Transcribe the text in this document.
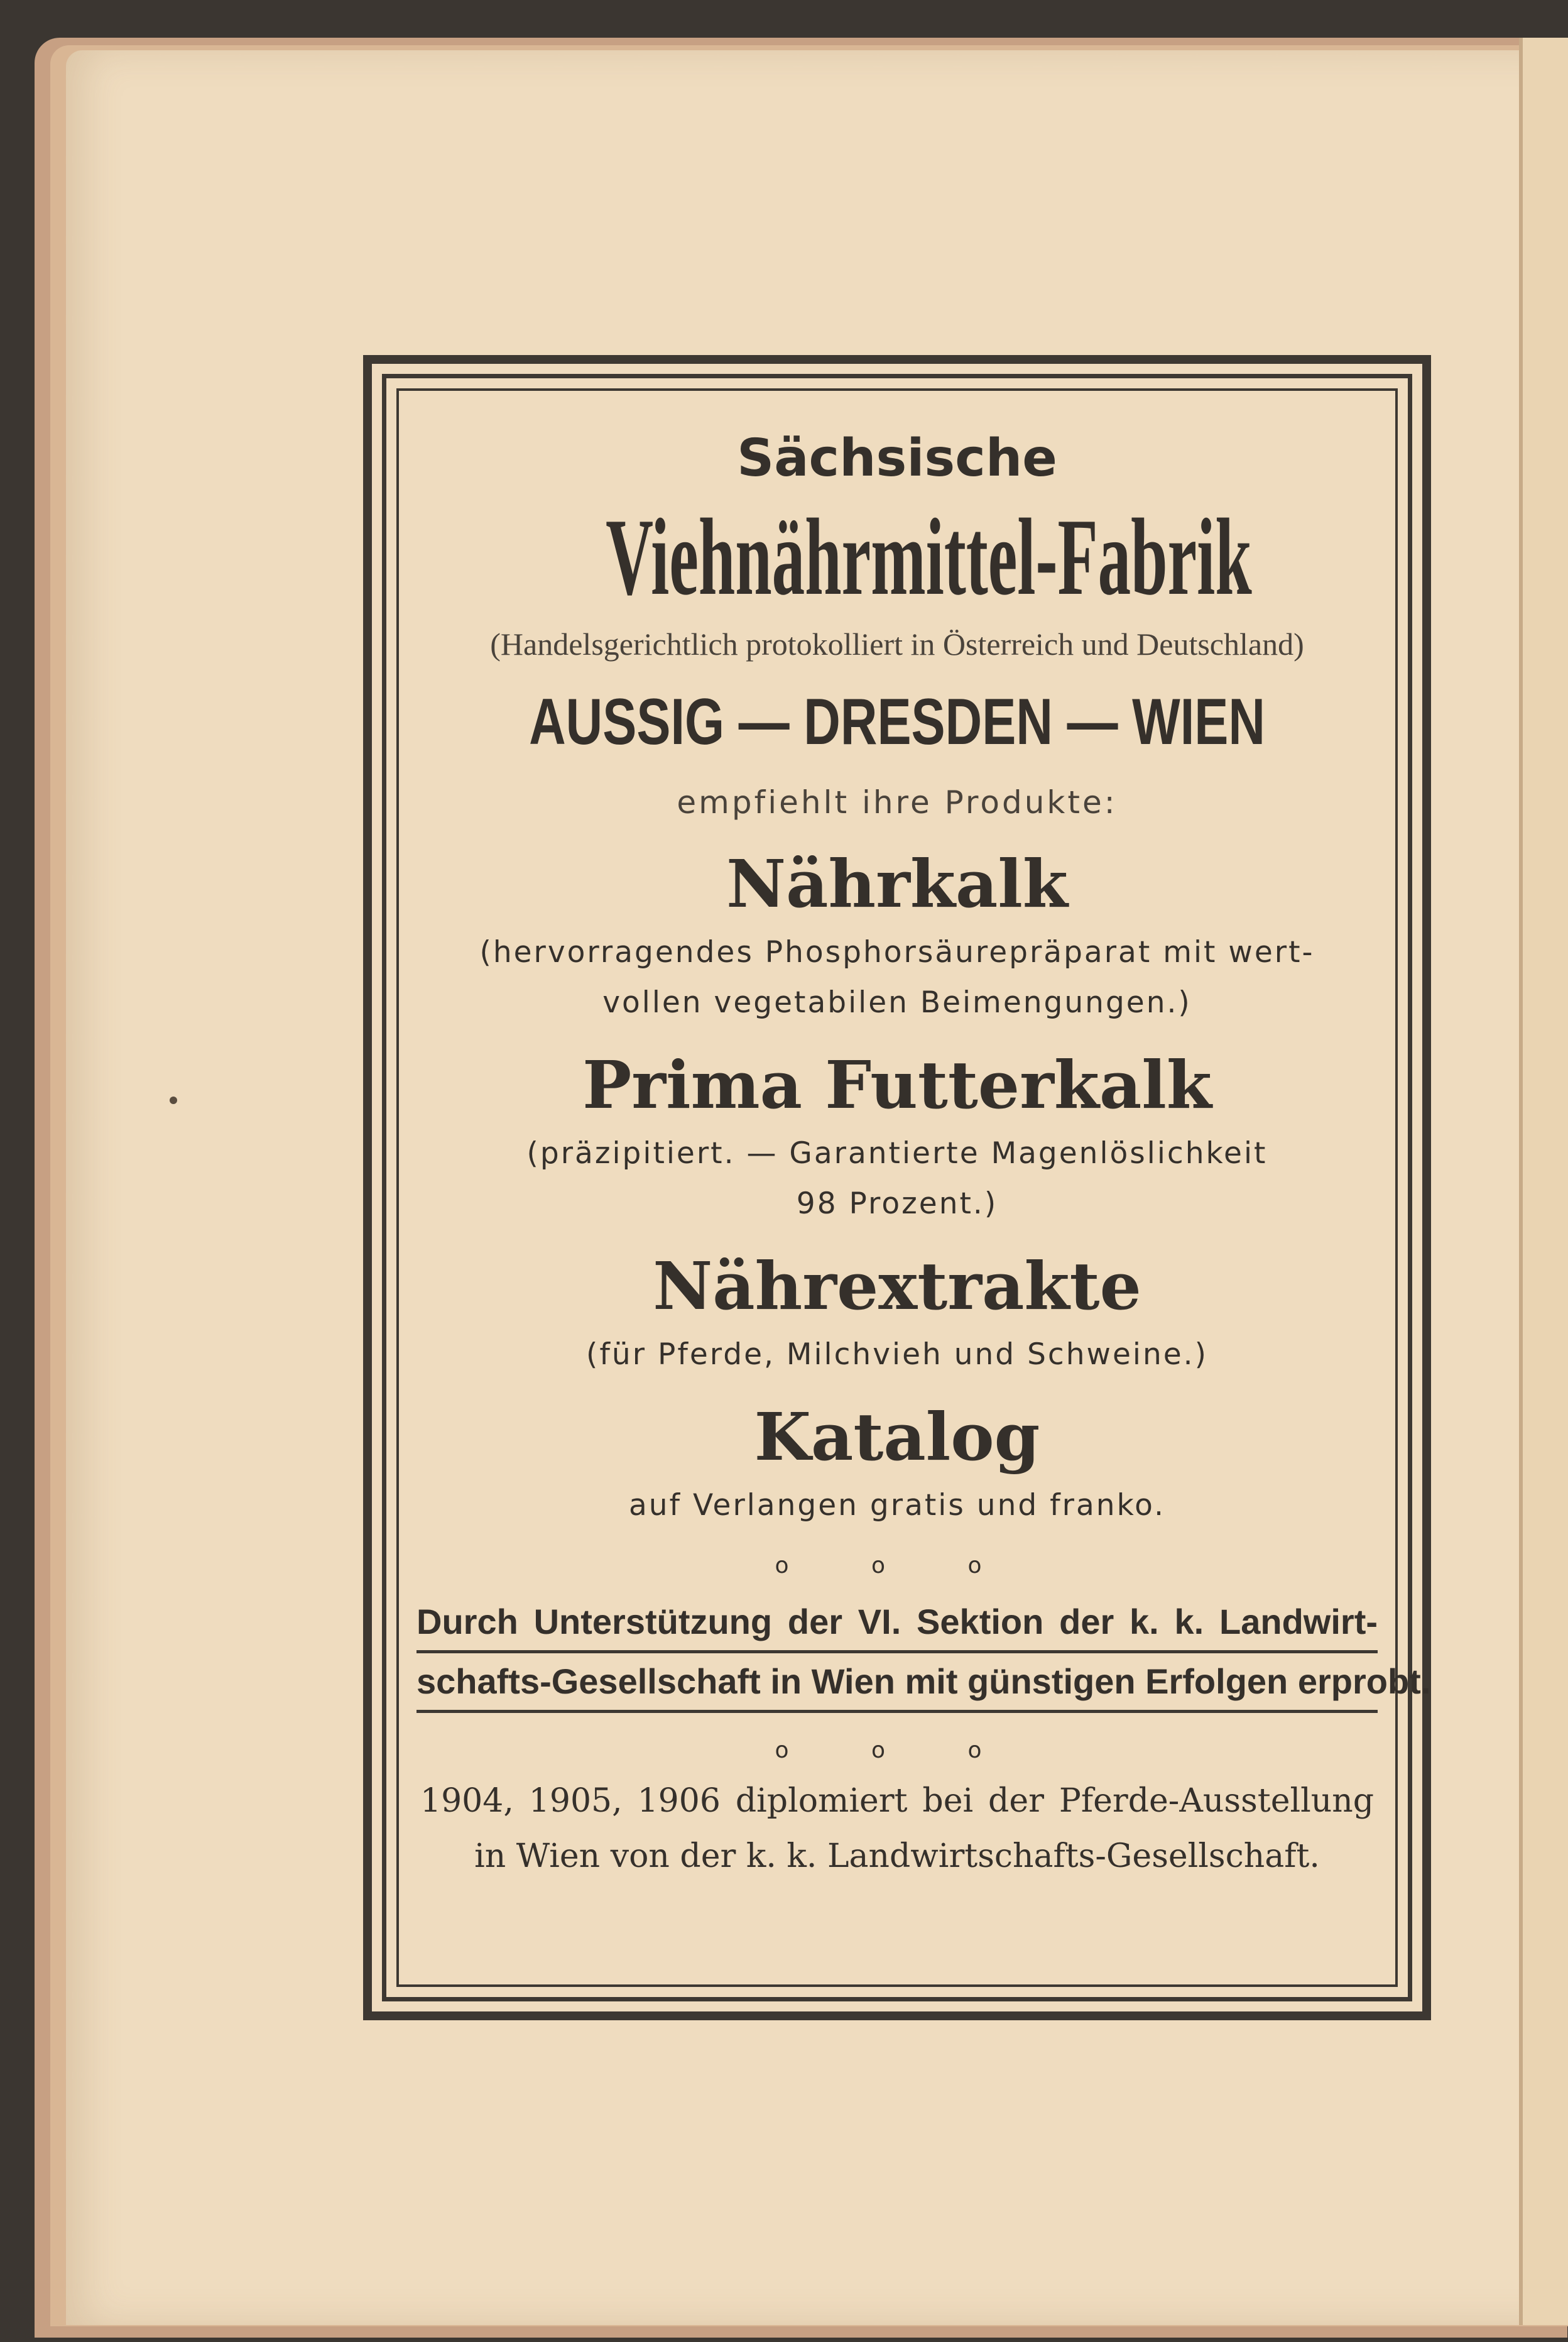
Sächsische
Viehnährmittel-Fabrik
(Handelsgerichtlich protokolliert in Österreich und Deutschland)
AUSSIG — DRESDEN — WIEN
empfiehlt ihre Produkte:
Nährkalk
(hervorragendes Phosphorsäurepräparat mit wert-
vollen vegetabilen Beimengungen.)
Prima Futterkalk
(präzipitiert. — Garantierte Magenlöslichkeit
98 Prozent.)
Nährextrakte
(für Pferde, Milchvieh und Schweine.)
Katalog
auf Verlangen gratis und franko.
o o o
Durch Unterstützung der VI. Sektion der k. k. Landwirt-
schafts-Gesellschaft in Wien mit günstigen Erfolgen erprobt.
o o o
1904, 1905, 1906 diplomiert bei der Pferde-Ausstellung
in Wien von der k. k. Landwirtschafts-Gesellschaft.
